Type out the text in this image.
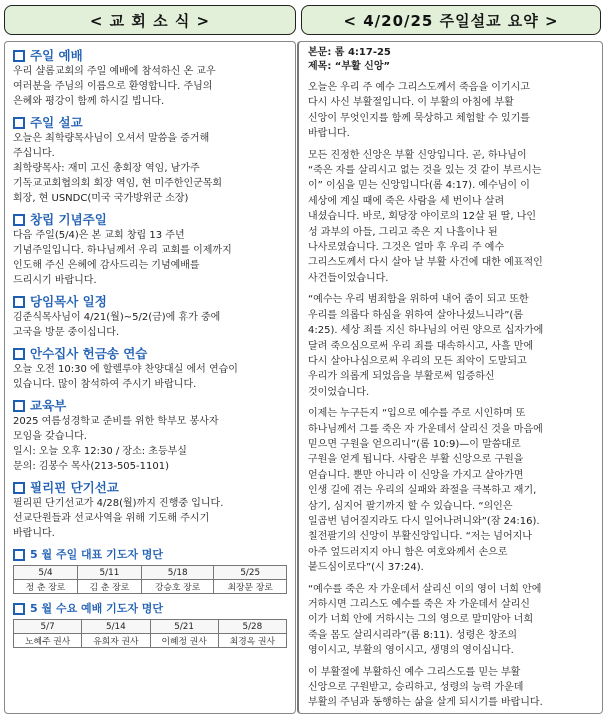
< 교 회 소 식 >	< 4/20/25 주일설교 요약 >
주일 예배
우리 샬롬교회의 주일 예배에 참석하신 온 교우
여러분을 주님의 이름으로 환영합니다. 주님의
은혜와 평강이 함께 하시길 빕니다.
주일 설교
오늘은 최학량목사님이 오셔서 말씀을 증거해
주십니다.
최학량목사: 재미 고신 총회장 역임, 남가주
기독교교회협의회 회장 역임, 현 미주한인군목회
회장, 현 USNDC(미국 국가방위군 소장)
창립 기념주일
다음 주일(5/4)은 본 교회 창립 13 주년
기념주일입니다. 하나님께서 우리 교회를 이제까지
인도해 주신 은혜에 감사드리는 기념예배를
드리시기 바랍니다.
당임목사 일정
김준식목사님이 4/21(월)~5/2(금)에 휴가 중에
고국을 방문 중이십니다.
안수집사 헌금송 연습
오늘 오전 10:30 에 할렐루야 찬양대실 에서 연습이
있습니다. 많이 참석하여 주시기 바랍니다.
교육부
2025 여름성경학교 준비를 위한 학부모 봉사자
모임을 갖습니다.
일시: 오늘 오후 12:30 / 장소: 초등부실
문의: 김봉수 목사(213-505-1101)
필리핀 단기선교
필리핀 단기선교가 4/28(월)까지 진행중 입니다.
선교단원들과 선교사역을 위해 기도해 주시기
바랍니다.
5 월 주일 대표 기도자 명단
5/4	5/11	5/18	5/25
정 춘 장로	김 춘 장로	강승호 장로	최장문 장로
5 월 수요 예배 기도자 명단
5/7	5/14	5/21	5/28
노혜주 권사	유희자 권사	이혜정 권사	최경옥 권사
본문: 롬 4:17-25
제목: “부활 신앙”
오늘은 우리 주 예수 그리스도께서 죽음을 이기시고
다시 사신 부활절입니다. 이 부활의 아침에 부활
신앙이 무엇인지를 함께 묵상하고 체험할 수 있기를
바랍니다.
모든 진정한 신앙은 부활 신앙입니다. 곧, 하나님이
“죽은 자를 살리시고 없는 것을 있는 것 같이 부르시는
이” 이심을 믿는 신앙입니다(롬 4:17). 예수님이 이
세상에 계실 때에 죽은 사람을 세 번이나 살려
내셨습니다. 바로, 회당장 야이로의 12살 된 딸, 나인
성 과부의 아들, 그리고 죽은 지 나흘이나 된
나사로였습니다. 그것은 얼마 후 우리 주 예수
그리스도께서 다시 살아 날 부활 사건에 대한 예표적인
사건들이었습니다.
“예수는 우리 범죄함을 위하여 내어 줌이 되고 또한
우리를 의롭다 하심을 위하여 살아나셨느니라”(롬
4:25). 세상 죄를 지신 하나님의 어린 양으로 십자가에
달려 죽으심으로써 우리 죄를 대속하시고, 사흘 만에
다시 살아나심으로써 우리의 모든 죄악이 도말되고
우리가 의롭게 되었음을 부활로써 입증하신
것이었습니다.
이제는 누구든지 “입으로 예수를 주로 시인하며 또
하나님께서 그를 죽은 자 가운데서 살리신 것을 마음에
믿으면 구원을 얻으리니”(롬 10:9)—이 말씀대로
구원을 얻게 됩니다. 사람은 부활 신앙으로 구원을
얻습니다. 뿐만 아니라 이 신앙을 가지고 살아가면
인생 길에 겪는 우리의 실패와 좌절을 극복하고 재기,
삼기, 심지어 팔기까지 할 수 있습니다. “의인은
일곱번 넘어질지라도 다시 일어나려니와”(잠 24:16).
칠전팔기의 신앙이 부활신앙입니다. “저는 넘어지나
아주 엎드러지지 아니 함은 여호와께서 손으로
붙드심이로다”(시 37:24).
“예수를 죽은 자 가운데서 살리신 이의 영이 너희 안에
거하시면 그리스도 예수를 죽은 자 가운데서 살리신
이가 너희 안에 거하시는 그의 영으로 말미암아 너희
죽을 몸도 살리시리라”(롬 8:11). 성령은 창조의
영이시고, 부활의 영이시고, 생명의 영이십니다.
이 부활절에 부활하신 예수 그리스도를 믿는 부활
신앙으로 구원받고, 승리하고, 성령의 능력 가운데
부활의 주님과 동행하는 삶을 살게 되시기를 바랍니다.
